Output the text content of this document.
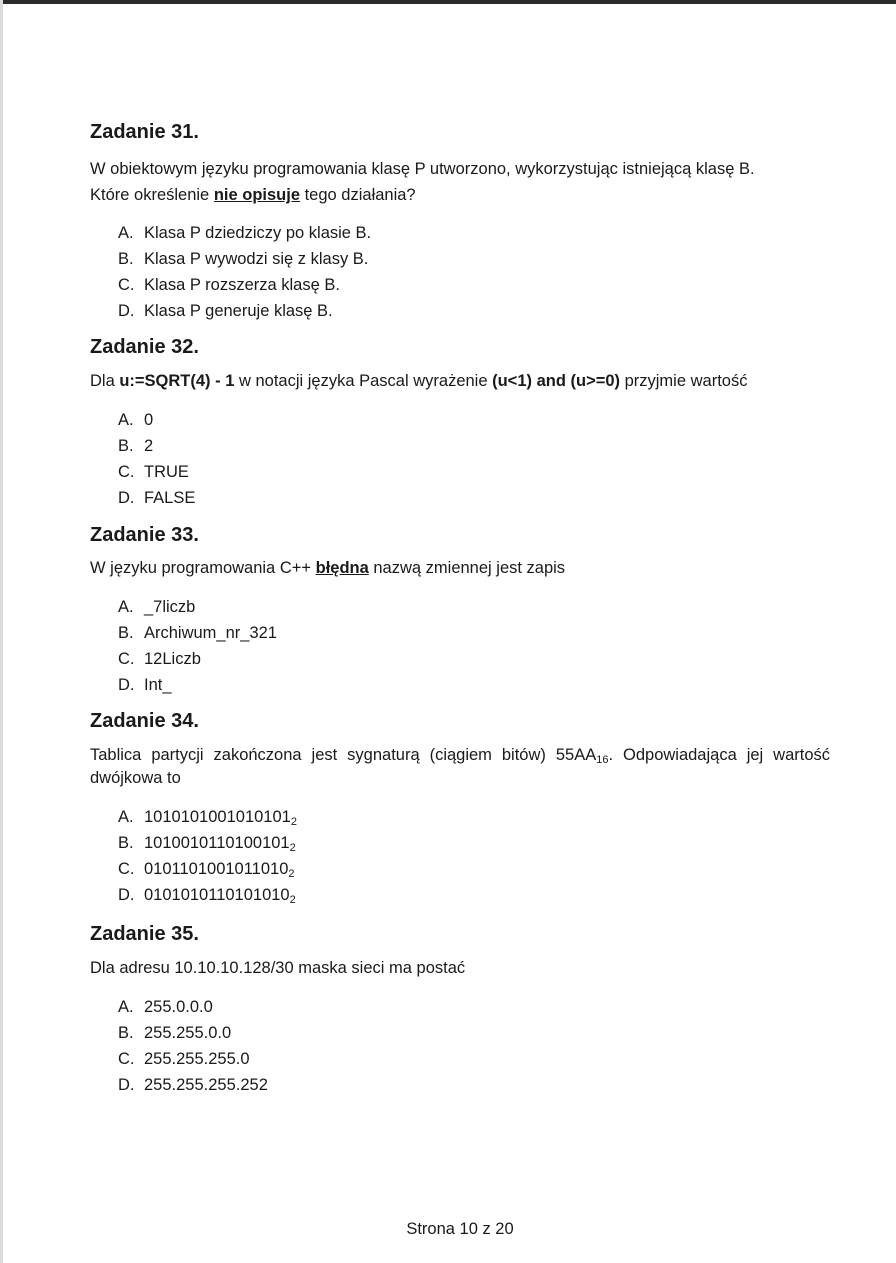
Zadanie 31.

W obiektowym języku programowania klasę P utworzono, wykorzystując istniejącą klasę B.
Które określenie nie opisuje tego działania?

A. Klasa P dziedziczy po klasie B.
B. Klasa P wywodzi się z klasy B.
C. Klasa P rozszerza klasę B.
D. Klasa P generuje klasę B.
Zadanie 32.

Dla u:=SQRT(4) - 1 w notacji języka Pascal wyrażenie (u<1) and (u>=0) przyjmie wartość

A. 0
B. 2
C. TRUE
D. FALSE
Zadanie 33.

W języku programowania C++ błędna nazwą zmiennej jest zapis

A. _7liczb
B. Archiwum_nr_321
C. 12Liczb
D. Int_
Zadanie 34.

Tablica partycji zakończona jest sygnaturą (ciągiem bitów) $55AA_{16}$. Odpowiadająca jej wartość dwójkowa to

A. $1010101001010101_2$
B. $1010010110100101_2$
C. $0101101001011010_2$
D. $0101010110101010_2$
Zadanie 35.

Dla adresu 10.10.10.128/30 maska sieci ma postać

A. 255.0.0.0
B. 255.255.0.0
C. 255.255.255.0
D. 255.255.255.252
Strona 10 z 20
